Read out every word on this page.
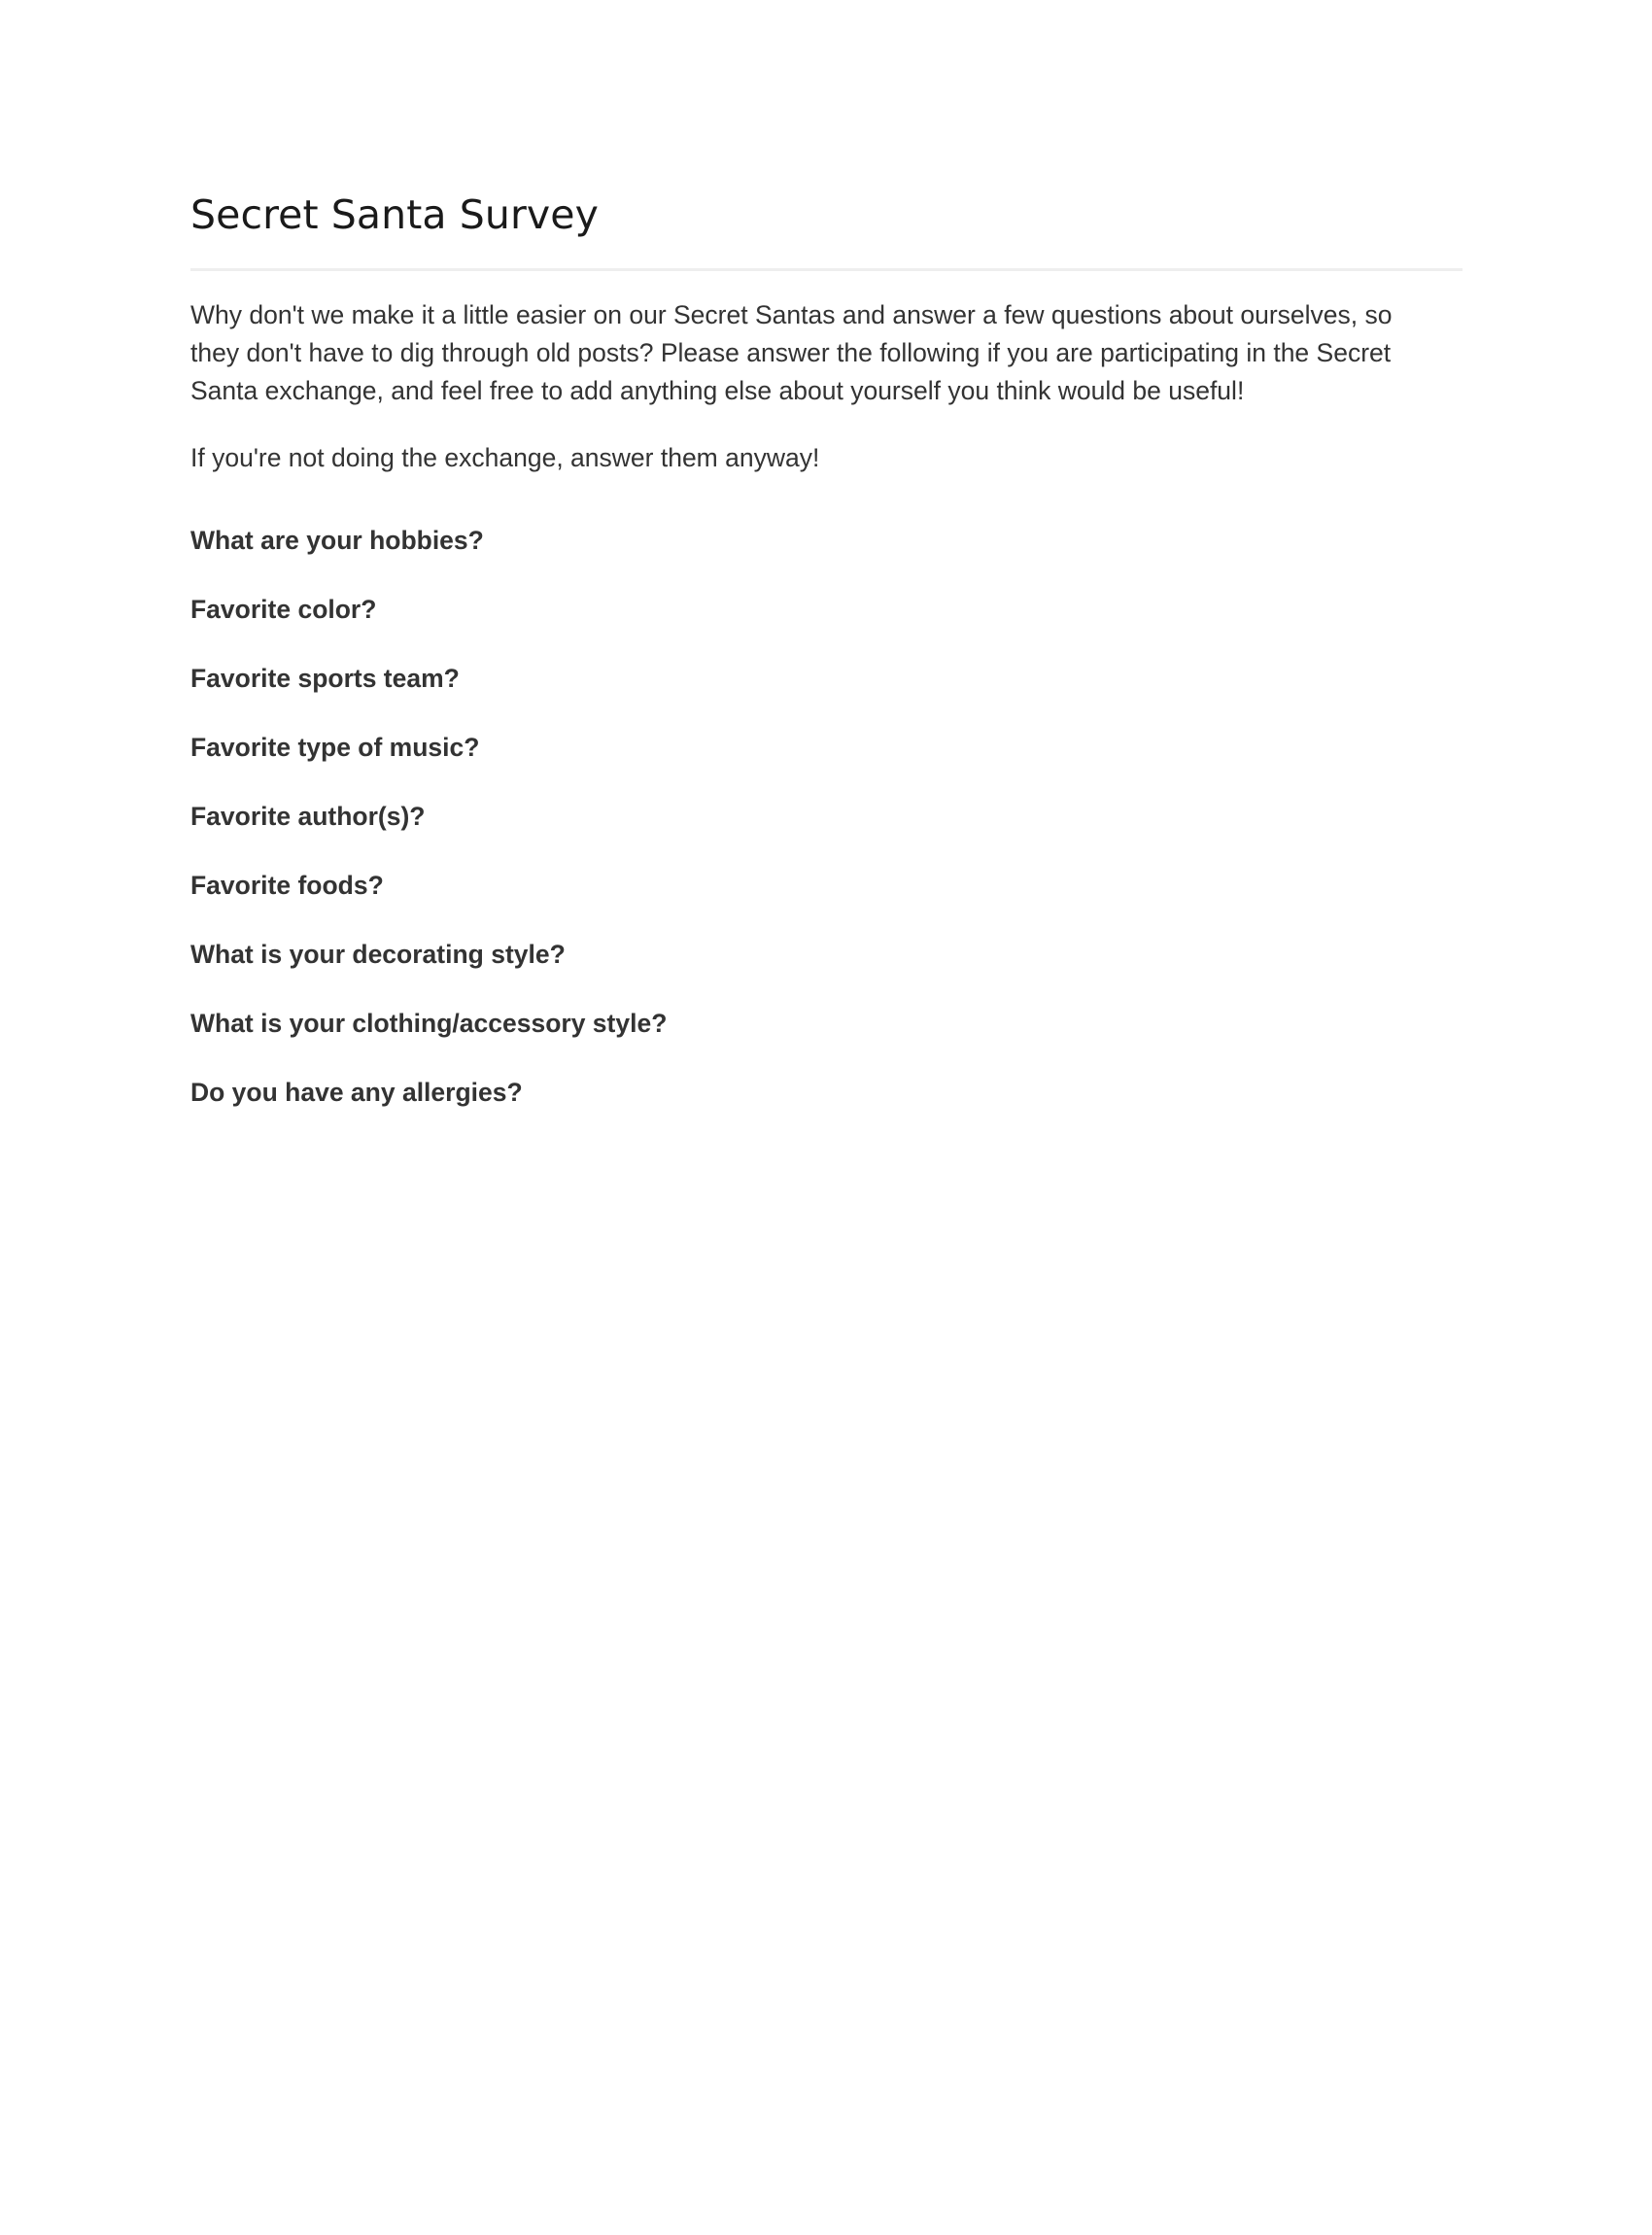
Secret Santa Survey

Why don't we make it a little easier on our Secret Santas and answer a few questions about ourselves, so they don't have to dig through old posts? Please answer the following if you are participating in the Secret Santa exchange, and feel free to add anything else about yourself you think would be useful!

If you're not doing the exchange, answer them anyway!

What are your hobbies?
Favorite color?
Favorite sports team?
Favorite type of music?
Favorite author(s)?
Favorite foods?
What is your decorating style?
What is your clothing/accessory style?
Do you have any allergies?
